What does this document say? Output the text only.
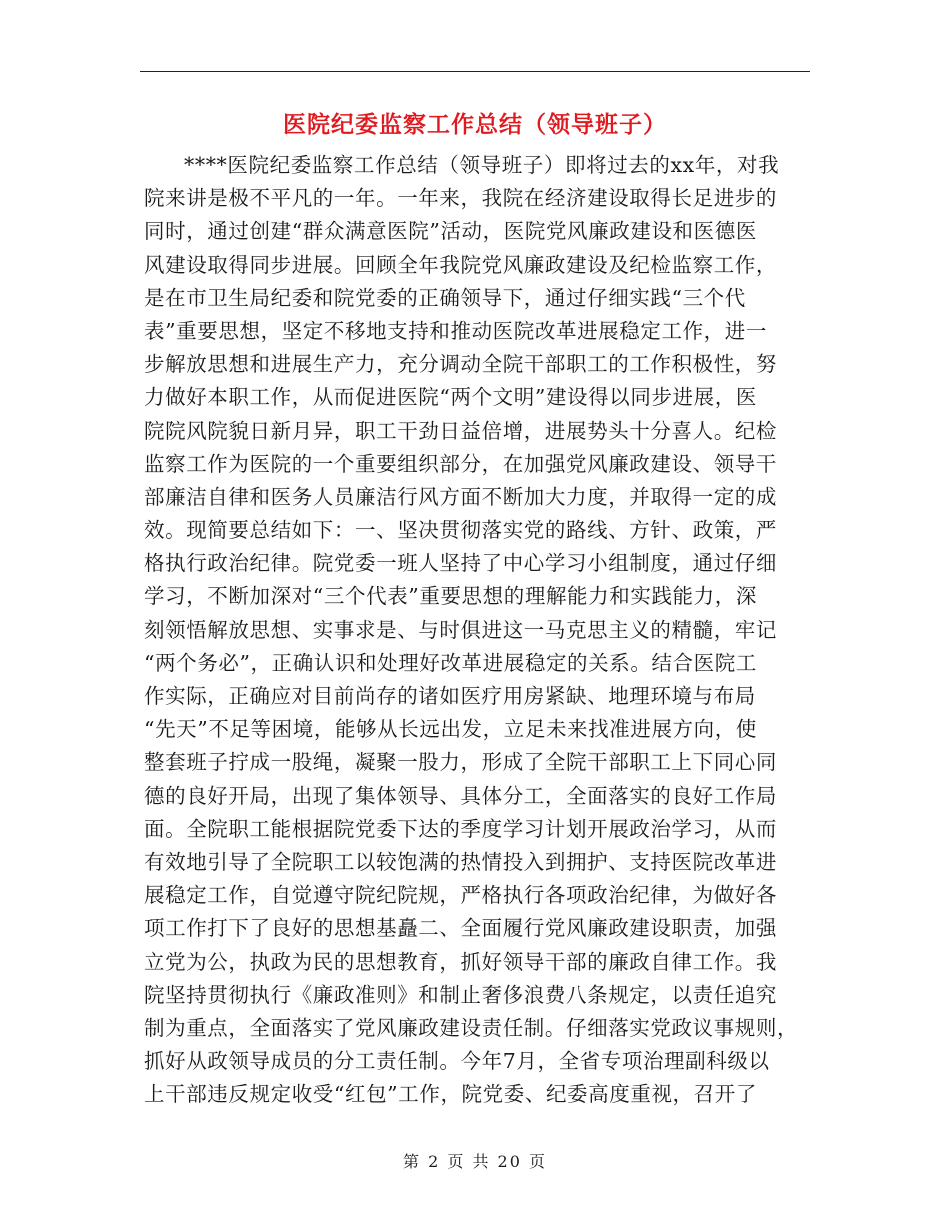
医院纪委监察工作总结（领导班子）
****医院纪委监察工作总结（领导班子）即将过去的xx年，对我
院来讲是极不平凡的一年。一年来，我院在经济建设取得长足进步的
同时，通过创建“群众满意医院”活动，医院党风廉政建设和医德医
风建设取得同步进展。回顾全年我院党风廉政建设及纪检监察工作，
是在市卫生局纪委和院党委的正确领导下，通过仔细实践“三个代
表”重要思想，坚定不移地支持和推动医院改革进展稳定工作，进一
步解放思想和进展生产力，充分调动全院干部职工的工作积极性，努
力做好本职工作，从而促进医院“两个文明”建设得以同步进展，医
院院风院貌日新月异，职工干劲日益倍增，进展势头十分喜人。纪检
监察工作为医院的一个重要组织部分，在加强党风廉政建设、领导干
部廉洁自律和医务人员廉洁行风方面不断加大力度，并取得一定的成
效。现简要总结如下：一、坚决贯彻落实党的路线、方针、政策，严
格执行政治纪律。院党委一班人坚持了中心学习小组制度，通过仔细
学习，不断加深对“三个代表”重要思想的理解能力和实践能力，深
刻领悟解放思想、实事求是、与时俱进这一马克思主义的精髓，牢记
“两个务必”，正确认识和处理好改革进展稳定的关系。结合医院工
作实际，正确应对目前尚存的诸如医疗用房紧缺、地理环境与布局
“先天”不足等困境，能够从长远出发，立足未来找准进展方向，使
整套班子拧成一股绳，凝聚一股力，形成了全院干部职工上下同心同
德的良好开局，出现了集体领导、具体分工，全面落实的良好工作局
面。全院职工能根据院党委下达的季度学习计划开展政治学习，从而
有效地引导了全院职工以较饱满的热情投入到拥护、支持医院改革进
展稳定工作，自觉遵守院纪院规，严格执行各项政治纪律，为做好各
项工作打下了良好的思想基矗二、全面履行党风廉政建设职责，加强
立党为公，执政为民的思想教育，抓好领导干部的廉政自律工作。我
院坚持贯彻执行《廉政准则》和制止奢侈浪费八条规定，以责任追究
制为重点，全面落实了党风廉政建设责任制。仔细落实党政议事规则，
抓好从政领导成员的分工责任制。今年7月，全省专项治理副科级以
上干部违反规定收受“红包”工作，院党委、纪委高度重视，召开了
第 2 页 共 20 页
